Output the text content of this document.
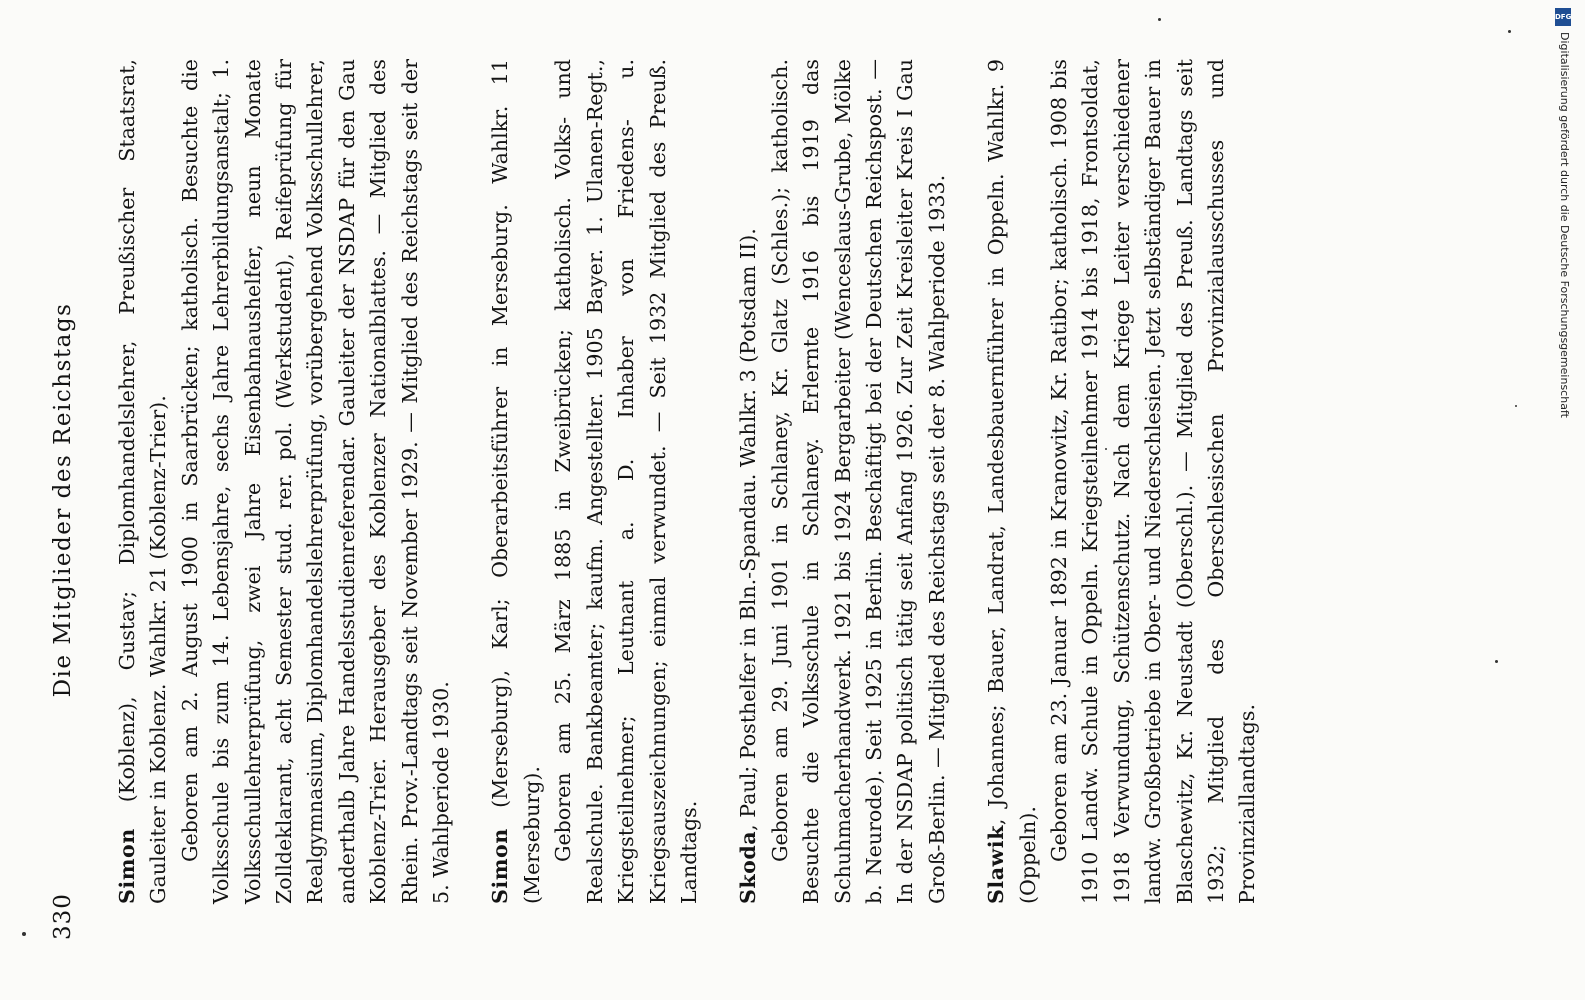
330
Die Mitglieder des Reichstags

Simon (Koblenz), Gustav; Diplomhandelslehrer, Preußischer Staatsrat, Gauleiter in Koblenz. Wahlkr. 21 (Koblenz-Trier). Geboren am 2. August 1900 in Saarbrücken; katholisch. Besuchte die Volksschule bis zum 14. Lebensjahre, sechs Jahre Lehrerbildungsanstalt; 1. Volksschullehrerprüfung, zwei Jahre Eisenbahnaushelfer, neun Monate Zolldeklarant, acht Semester stud. rer. pol. (Werkstudent), Reifeprüfung für Realgymnasium, Diplomhandelslehrerprüfung, vorübergehend Volksschullehrer, anderthalb Jahre Handelsstudienreferendar. Gauleiter der NSDAP für den Gau Koblenz-Trier. Herausgeber des Koblenzer Nationalblattes. — Mitglied des Rhein. Prov.-Landtags seit November 1929. — Mitglied des Reichstags seit der 5. Wahlperiode 1930. Simon (Merseburg), Karl; Oberarbeitsführer in Merseburg. Wahlkr. 11 (Merseburg). Geboren am 25. März 1885 in Zweibrücken; katholisch. Volks- und Realschule. Bankbeamter; kaufm. Angestellter. 1905 Bayer. 1. Ulanen-Regt., Kriegsteilnehmer; Leutnant a. D. Inhaber von Friedens- u. Kriegsauszeichnungen; einmal verwundet. — Seit 1932 Mitglied des Preuß. Landtags. Skoda, Paul; Posthelfer in Bln.-Spandau. Wahlkr. 3 (Potsdam II). Geboren am 29. Juni 1901 in Schlaney, Kr. Glatz (Schles.); katholisch. Besuchte die Volksschule in Schlaney. Erlernte 1916 bis 1919 das Schuhmacherhandwerk. 1921 bis 1924 Bergarbeiter (Wenceslaus-Grube, Mölke b. Neurode). Seit 1925 in Berlin. Beschäftigt bei der Deutschen Reichspost. — In der NSDAP politisch tätig seit Anfang 1926. Zur Zeit Kreisleiter Kreis I Gau Groß-Berlin. — Mitglied des Reichstags seit der 8. Wahlperiode 1933. Slawik, Johannes; Bauer, Landrat, Landesbauernführer in Oppeln. Wahlkr. 9 (Oppeln). Geboren am 23. Januar 1892 in Kranowitz, Kr. Ratibor; katholisch. 1908 bis 1910 Landw. Schule in Oppeln. Kriegsteilnehmer 1914 bis 1918, Frontsoldat, 1918 Verwundung, Schützenschutz. Nach dem Kriege Leiter verschiedener landw. Großbetriebe in Ober- und Niederschlesien. Jetzt selbständiger Bauer in Blaschewitz, Kr. Neustadt (Oberschl.). — Mitglied des Preuß. Landtags seit 1932; Mitglied des Oberschlesischen Provinzialausschusses und Provinziallandtags.

DFG
Digitalisierung gefördert durch die Deutsche Forschungsgemeinschaft
